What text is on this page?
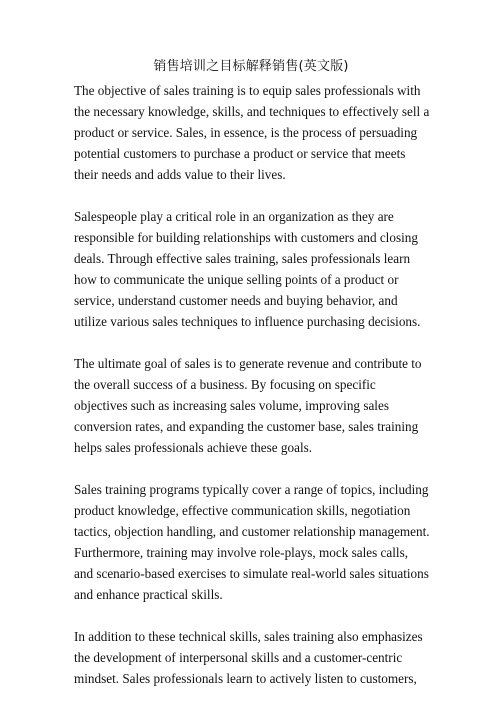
销售培训之目标解释销售(英文版)

The objective of sales training is to equip sales professionals with
the necessary knowledge, skills, and techniques to effectively sell a
product or service. Sales, in essence, is the process of persuading
potential customers to purchase a product or service that meets
their needs and adds value to their lives.

Salespeople play a critical role in an organization as they are
responsible for building relationships with customers and closing
deals. Through effective sales training, sales professionals learn
how to communicate the unique selling points of a product or
service, understand customer needs and buying behavior, and
utilize various sales techniques to influence purchasing decisions.

The ultimate goal of sales is to generate revenue and contribute to
the overall success of a business. By focusing on specific
objectives such as increasing sales volume, improving sales
conversion rates, and expanding the customer base, sales training
helps sales professionals achieve these goals.

Sales training programs typically cover a range of topics, including
product knowledge, effective communication skills, negotiation
tactics, objection handling, and customer relationship management.
Furthermore, training may involve role-plays, mock sales calls,
and scenario-based exercises to simulate real-world sales situations
and enhance practical skills.

In addition to these technical skills, sales training also emphasizes
the development of interpersonal skills and a customer-centric
mindset. Sales professionals learn to actively listen to customers,
